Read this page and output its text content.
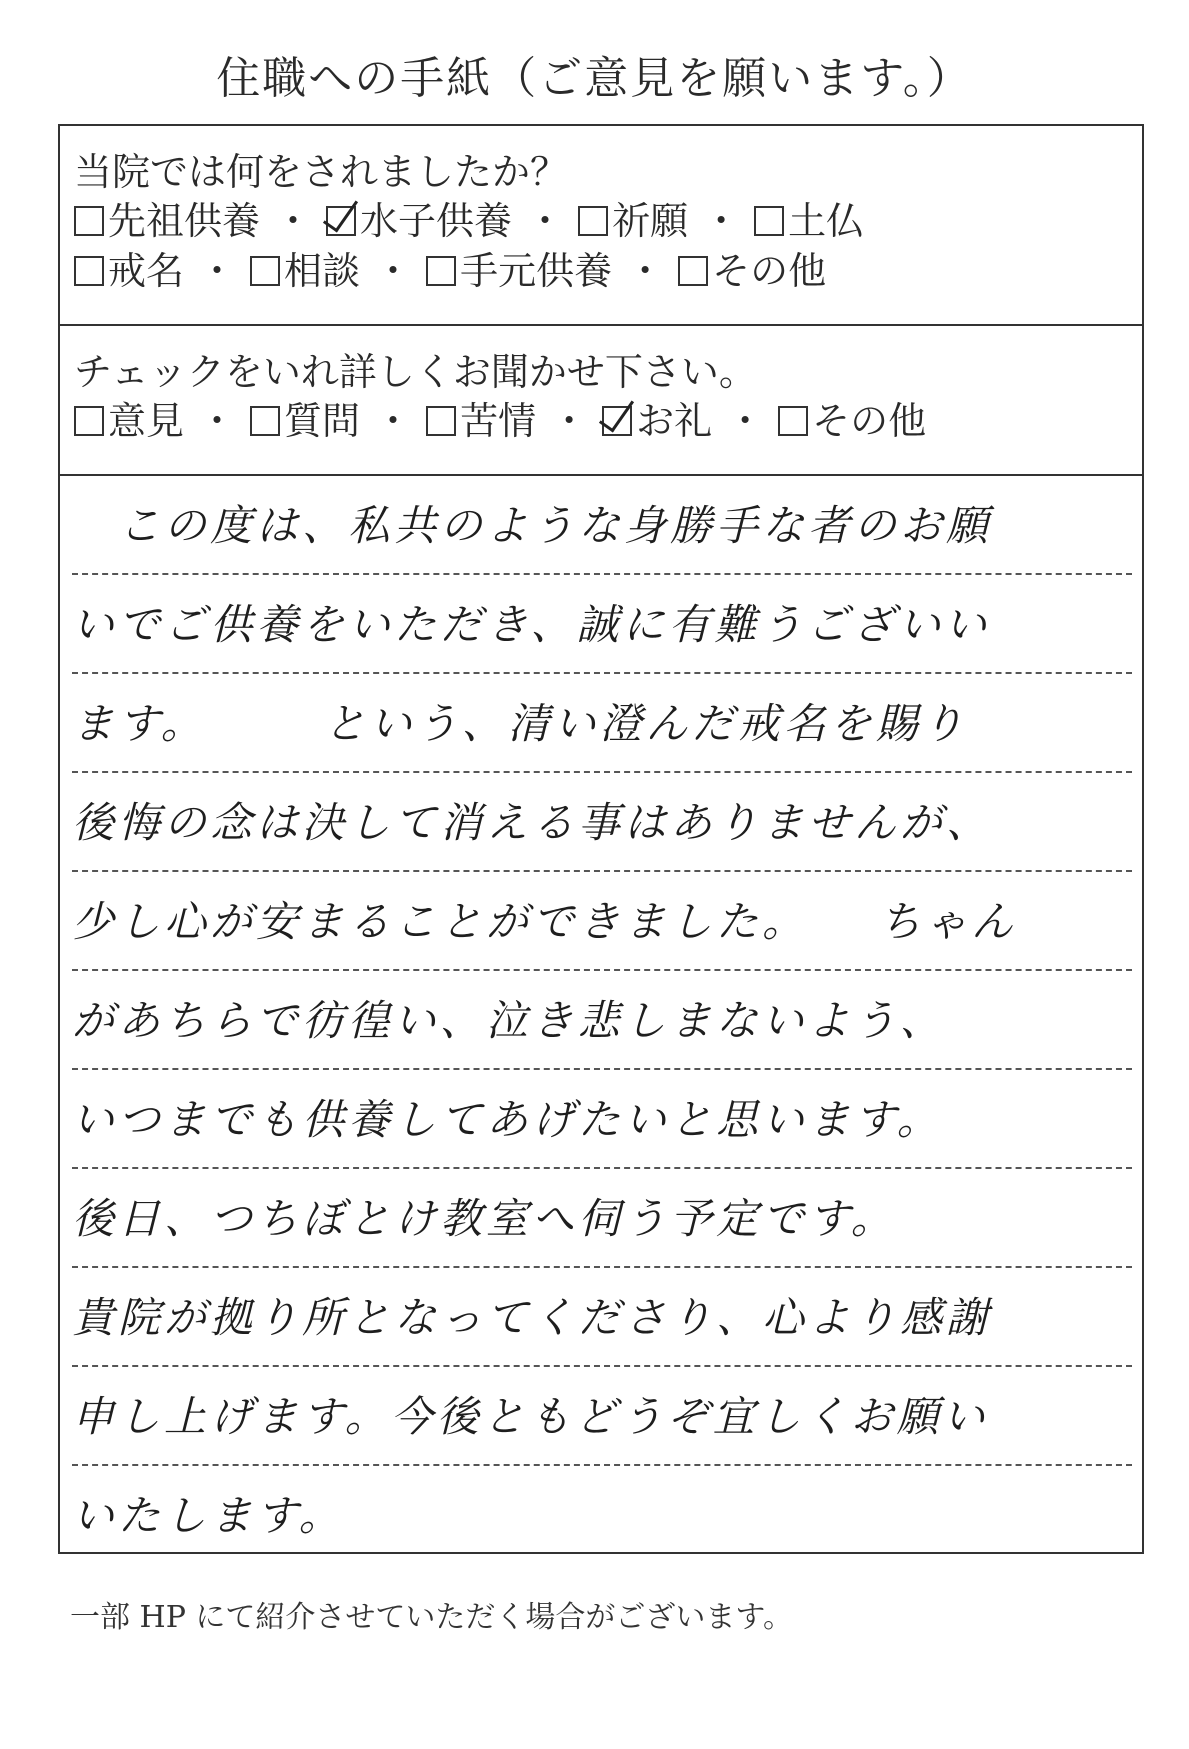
住職への手紙（ご意見を願います。）
当院では何をされましたか？
先祖供養 ・ 水子供養 ・ 祈願 ・ 土仏
戒名 ・ 相談 ・ 手元供養 ・ その他
チェックをいれ詳しくお聞かせ下さい。
意見 ・ 質問 ・ 苦情 ・ お礼 ・ その他
　この度は、私共のような身勝手な者のお願
いでご供養をいただき、誠に有難うございい
ます。　　　という、清い澄んだ戒名を賜り
後悔の念は決して消える事はありませんが、
少し心が安まることができました。　　ちゃん
があちらで彷徨い、泣き悲しまないよう、
いつまでも供養してあげたいと思います。
後日、つちぼとけ教室へ伺う予定です。
貴院が拠り所となってくださり、心より感謝
申し上げます。今後ともどうぞ宜しくお願い
いたします。
一部 HP にて紹介させていただく場合がございます。
